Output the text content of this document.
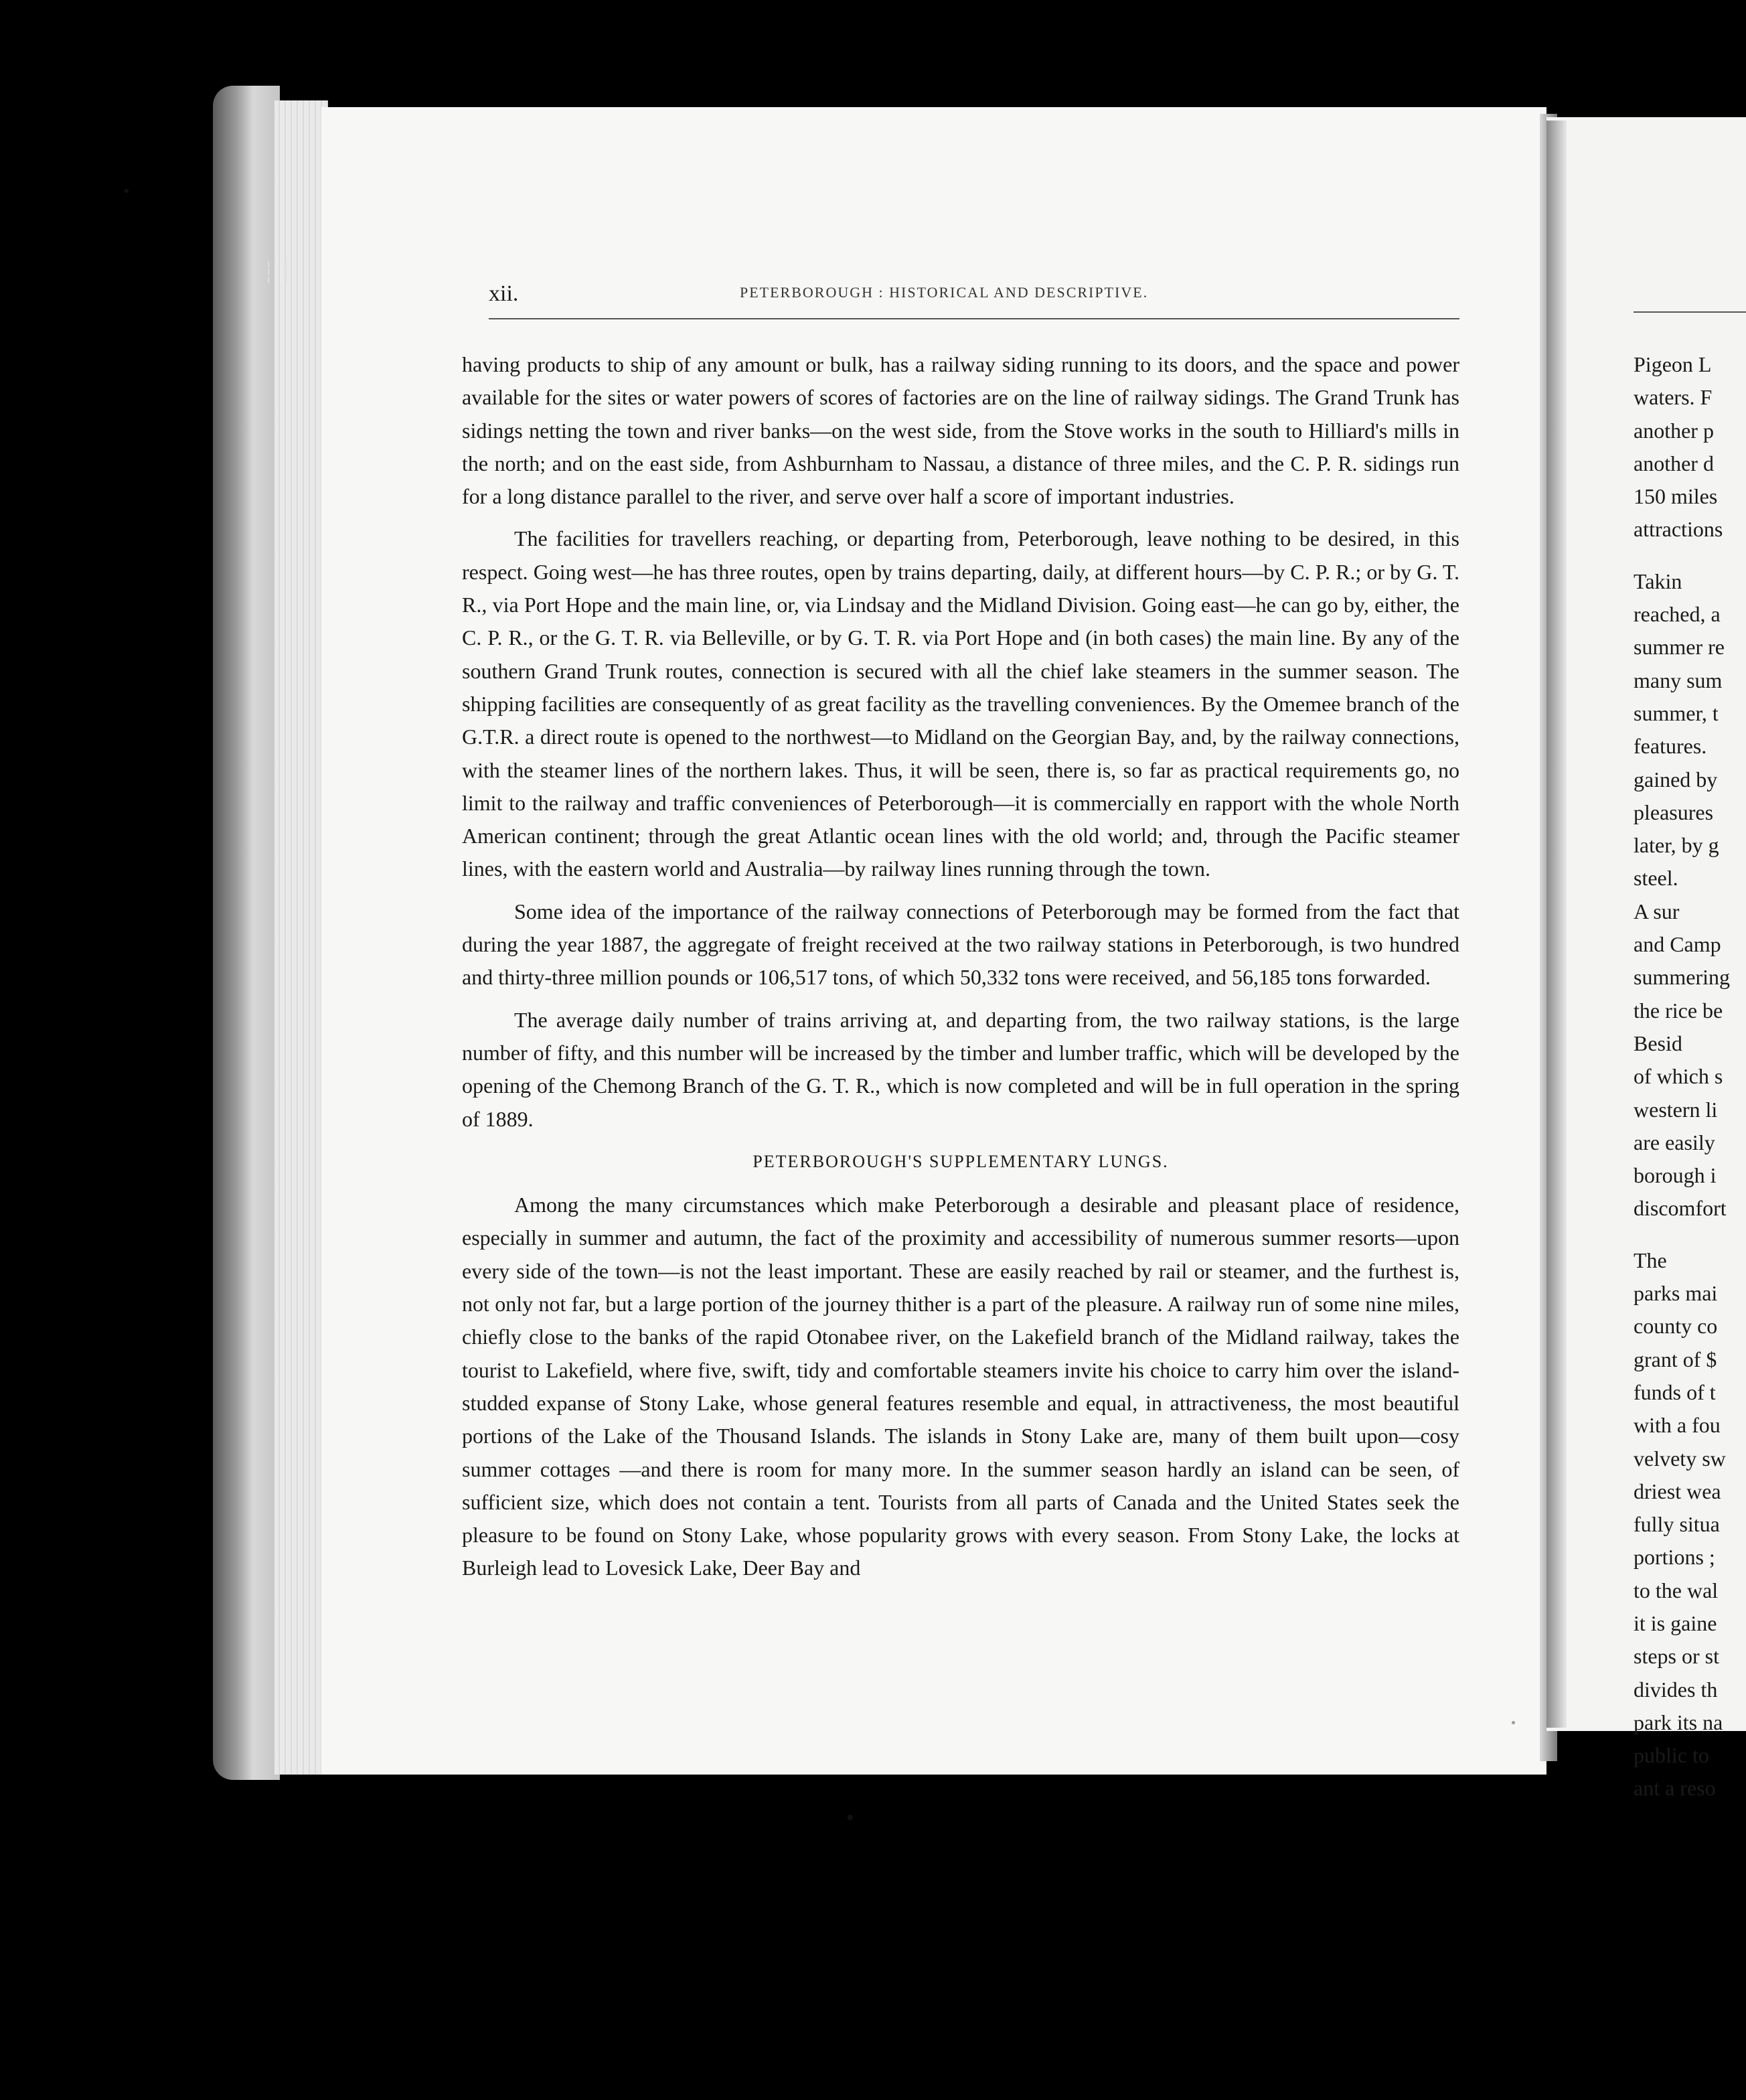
┆ ┆
xii.	PETERBOROUGH : HISTORICAL AND DESCRIPTIVE.

having products to ship of any amount or bulk, has a railway siding running to its doors, and the space and power available for the sites or water powers of scores of factories are on the line of railway sidings. The Grand Trunk has sidings netting the town and river banks—on the west side, from the Stove works in the south to Hilliard's mills in the north; and on the east side, from Ashburnham to Nassau, a distance of three miles, and the C. P. R. sidings run for a long distance parallel to the river, and serve over half a score of important industries.

The facilities for travellers reaching, or departing from, Peterborough, leave nothing to be desired, in this respect. Going west—he has three routes, open by trains departing, daily, at different hours—by C. P. R.; or by G. T. R., via Port Hope and the main line, or, via Lindsay and the Midland Division. Going east—he can go by, either, the C. P. R., or the G. T. R. via Belleville, or by G. T. R. via Port Hope and (in both cases) the main line. By any of the southern Grand Trunk routes, connection is secured with all the chief lake steamers in the summer season. The shipping facilities are consequently of as great facility as the travelling conveniences. By the Omemee branch of the G.T.R. a direct route is opened to the northwest—to Midland on the Georgian Bay, and, by the railway connections, with the steamer lines of the northern lakes. Thus, it will be seen, there is, so far as practical requirements go, no limit to the railway and traffic conveniences of Peterborough—it is commercially en rapport with the whole North American continent; through the great Atlantic ocean lines with the old world; and, through the Pacific steamer lines, with the eastern world and Australia—by railway lines running through the town.

Some idea of the importance of the railway connections of Peterborough may be formed from the fact that during the year 1887, the aggregate of freight received at the two railway stations in Peterborough, is two hundred and thirty-three million pounds or 106,517 tons, of which 50,332 tons were received, and 56,185 tons forwarded.

The average daily number of trains arriving at, and departing from, the two railway stations, is the large number of fifty, and this number will be increased by the timber and lumber traffic, which will be developed by the opening of the Chemong Branch of the G. T. R., which is now completed and will be in full operation in the spring of 1889.

PETERBOROUGH'S SUPPLEMENTARY LUNGS.

Among the many circumstances which make Peterborough a desirable and pleasant place of residence, especially in summer and autumn, the fact of the proximity and accessibility of numerous summer resorts—upon every side of the town—is not the least important. These are easily reached by rail or steamer, and the furthest is, not only not far, but a large portion of the journey thither is a part of the pleasure. A railway run of some nine miles, chiefly close to the banks of the rapid Otonabee river, on the Lakefield branch of the Midland railway, takes the tourist to Lakefield, where five, swift, tidy and comfortable steamers invite his choice to carry him over the island-studded expanse of Stony Lake, whose general features resemble and equal, in attractiveness, the most beautiful portions of the Lake of the Thousand Islands. The islands in Stony Lake are, many of them built upon—cosy summer cottages —and there is room for many more. In the summer season hardly an island can be seen, of sufficient size, which does not contain a tent. Tourists from all parts of Canada and the United States seek the pleasure to be found on Stony Lake, whose popularity grows with every season. From Stony Lake, the locks at Burleigh lead to Lovesick Lake, Deer Bay and

Pigeon L
waters. F
another p
another d
150 miles
attractions
Takin
reached, a
summer re
many sum
summer, t
features.
gained by
pleasures
later, by g
steel.
A sur
and Camp
summering
the rice be
Besid
of which s
western li
are easily
borough i
discomfort
The
parks mai
county co
grant of $
funds of t
with a fou
velvety sw
driest wea
fully situa
portions ;
to the wal
it is gaine
steps or st
divides th
park its na
public to
ant a reso
